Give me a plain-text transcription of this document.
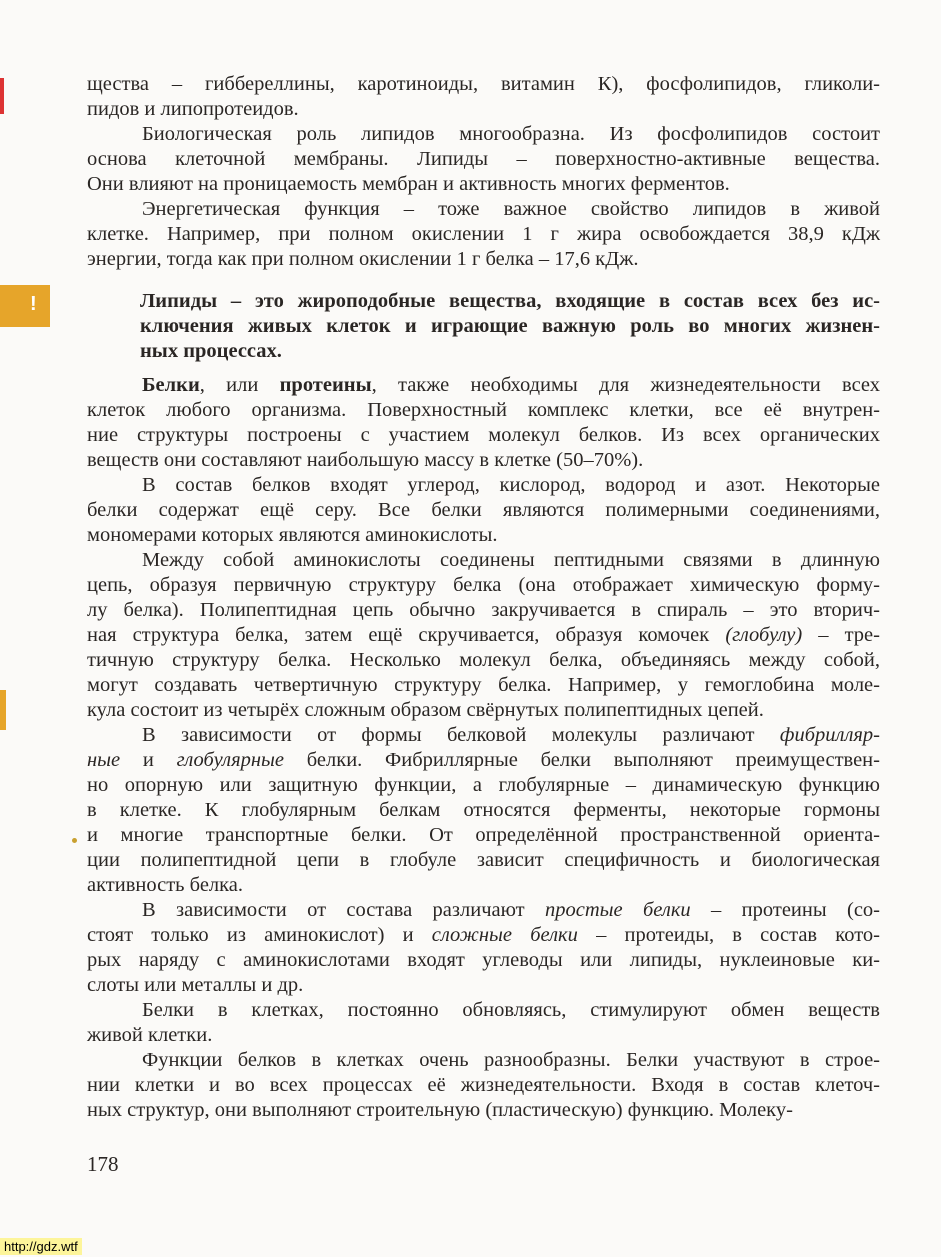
!
щества – гиббереллины, каротиноиды, витамин К), фосфолипидов, гликоли-
пидов и липопротеидов.
Биологическая роль липидов многообразна. Из фосфолипидов состоит
основа клеточной мембраны. Липиды – поверхностно-активные вещества.
Они влияют на проницаемость мембран и активность многих ферментов.
Энергетическая функция – тоже важное свойство липидов в живой
клетке. Например, при полном окислении 1 г жира освобождается 38,9 кДж
энергии, тогда как при полном окислении 1 г белка – 17,6 кДж.
Липиды – это жироподобные вещества, входящие в состав всех без ис-
ключения живых клеток и играющие важную роль во многих жизнен-
ных процессах.
Белки, или протеины, также необходимы для жизнедеятельности всех
клеток любого организма. Поверхностный комплекс клетки, все её внутрен-
ние структуры построены с участием молекул белков. Из всех органических
веществ они составляют наибольшую массу в клетке (50–70%).
В состав белков входят углерод, кислород, водород и азот. Некоторые
белки содержат ещё серу. Все белки являются полимерными соединениями,
мономерами которых являются аминокислоты.
Между собой аминокислоты соединены пептидными связями в длинную
цепь, образуя первичную структуру белка (она отображает химическую форму-
лу белка). Полипептидная цепь обычно закручивается в спираль – это вторич-
ная структура белка, затем ещё скручивается, образуя комочек (глобулу) – тре-
тичную структуру белка. Несколько молекул белка, объединяясь между собой,
могут создавать четвертичную структуру белка. Например, у гемоглобина моле-
кула состоит из четырёх сложным образом свёрнутых полипептидных цепей.
В зависимости от формы белковой молекулы различают фибрилляр-
ные и глобулярные белки. Фибриллярные белки выполняют преимуществен-
но опорную или защитную функции, а глобулярные – динамическую функцию
в клетке. К глобулярным белкам относятся ферменты, некоторые гормоны
и многие транспортные белки. От определённой пространственной ориента-
ции полипептидной цепи в глобуле зависит специфичность и биологическая
активность белка.
В зависимости от состава различают простые белки – протеины (со-
стоят только из аминокислот) и сложные белки – протеиды, в состав кото-
рых наряду с аминокислотами входят углеводы или липиды, нуклеиновые ки-
слоты или металлы и др.
Белки в клетках, постоянно обновляясь, стимулируют обмен веществ
живой клетки.
Функции белков в клетках очень разнообразны. Белки участвуют в строе-
нии клетки и во всех процессах её жизнедеятельности. Входя в состав клеточ-
ных структур, они выполняют строительную (пластическую) функцию. Молеку-
178
http://gdz.wtf
